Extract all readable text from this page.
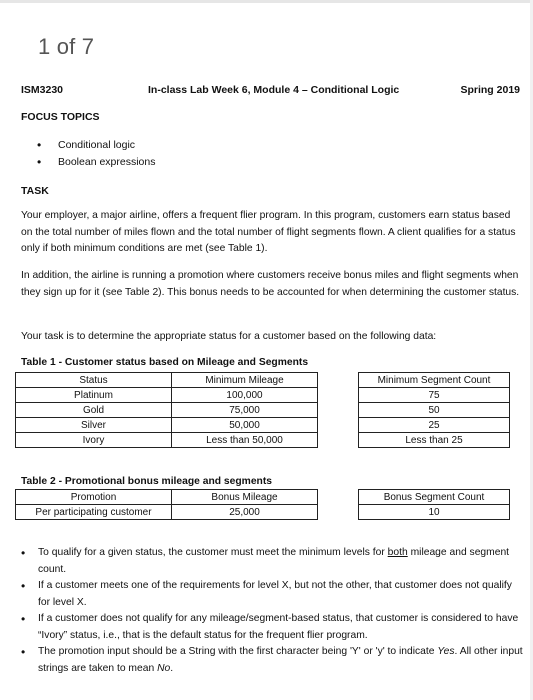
1 of 7
ISM3230	In-class Lab Week 6, Module 4 – Conditional Logic	Spring 2019
FOCUS TOPICS
• Conditional logic
• Boolean expressions
TASK

Your employer, a major airline, offers a frequent flier program. In this program, customers earn status based on the total number of miles flown and the total number of flight segments flown. A client qualifies for a status only if both minimum conditions are met (see Table 1).

In addition, the airline is running a promotion where customers receive bonus miles and flight segments when they sign up for it (see Table 2). This bonus needs to be accounted for when determining the customer status.

Your task is to determine the appropriate status for a customer based on the following data:

Table 1 - Customer status based on Mileage and Segments
Status	Minimum Mileage		Minimum Segment Count
Platinum	100,000		75
Gold	75,000		50
Silver	50,000		25
Ivory	Less than 50,000		Less than 25
Table 2 - Promotional bonus mileage and segments
Promotion	Bonus Mileage		Bonus Segment Count
Per participating customer	25,000		10
• To qualify for a given status, the customer must meet the minimum levels for both mileage and segment count.
• If a customer meets one of the requirements for level X, but not the other, that customer does not qualify for level X.
• If a customer does not qualify for any mileage/segment-based status, that customer is considered to have “Ivory” status, i.e., that is the default status for the frequent flier program.
• The promotion input should be a String with the first character being 'Y' or 'y' to indicate Yes. All other input strings are taken to mean No.
